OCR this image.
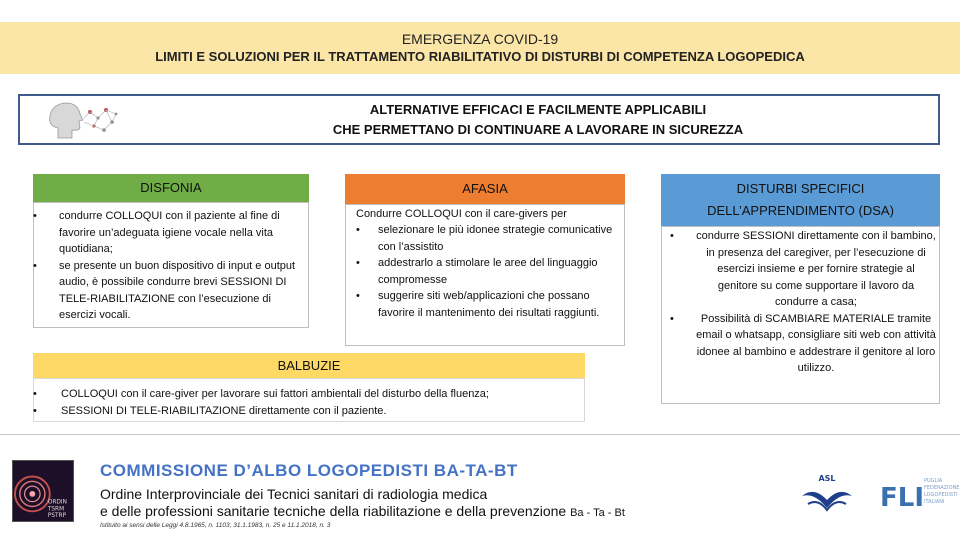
EMERGENZA COVID-19
LIMITI E SOLUZIONI PER IL TRATTAMENTO RIABILITATIVO DI DISTURBI DI COMPETENZA LOGOPEDICA
ALTERNATIVE EFFICACI E FACILMENTE APPLICABILI
CHE PERMETTANO DI CONTINUARE A LAVORARE IN SICUREZZA
DISFONIA
• condurre COLLOQUI con il paziente al fine di favorire un’adeguata igiene vocale nella vita quotidiana;
• se presente un buon dispositivo di input e output audio, è possibile condurre brevi SESSIONI DI TELE-RIABILITAZIONE con l’esecuzione di esercizi vocali.
AFASIA
Condurre COLLOQUI con il care-givers per
• selezionare le più idonee strategie comunicative con l’assistito
• addestrarlo a stimolare le aree del linguaggio compromesse
• suggerire siti web/applicazioni che possano favorire il mantenimento dei risultati raggiunti.
DISTURBI SPECIFICI
DELL’APPRENDIMENTO (DSA)
• condurre SESSIONI direttamente con il bambino, in presenza del caregiver, per l’esecuzione di esercizi insieme e per fornire strategie al genitore su come supportare il lavoro da condurre a casa;
• Possibilità di SCAMBIARE MATERIALE tramite email o whatsapp, consigliare siti web con attività idonee al bambino e addestrare il genitore al loro utilizzo.
BALBUZIE
• COLLOQUI con il care-giver per lavorare sui fattori ambientali del disturbo della fluenza;
• SESSIONI DI TELE-RIABILITAZIONE direttamente con il paziente.
ORDIN
TSRM
PSTRP
COMMISSIONE D’ALBO LOGOPEDISTI BA-TA-BT
Ordine Interprovinciale dei Tecnici sanitari di radiologia medica
e delle professioni sanitarie tecniche della riabilitazione e della prevenzione Ba - Ta - Bt
Istituito ai sensi delle Leggi 4.8.1965, n. 1103, 31.1.1983, n. 25 e 11.1.2018, n. 3
ASL
FLI
PUGLIA
FEDERAZIONE
LOGOPEDISTI
ITALIANI
